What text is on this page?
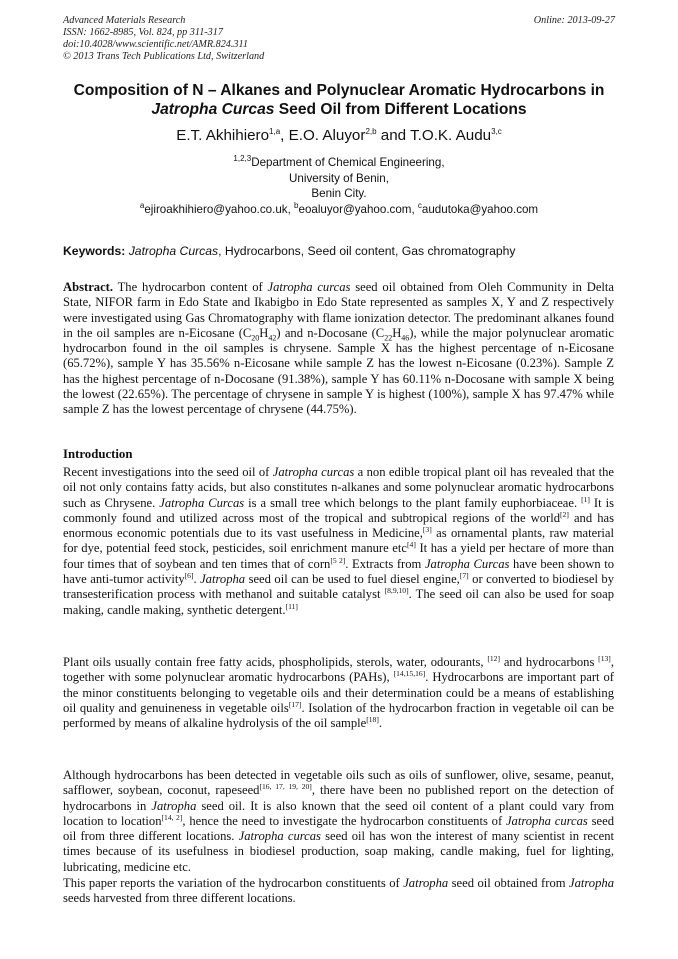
Advanced Materials Research
ISSN: 1662-8985, Vol. 824, pp 311-317
doi:10.4028/www.scientific.net/AMR.824.311
© 2013 Trans Tech Publications Ltd, Switzerland
Online: 2013-09-27
Composition of N – Alkanes and Polynuclear Aromatic Hydrocarbons in
Jatropha Curcas Seed Oil from Different Locations
E.T. Akhihiero$^{1,a}$, E.O. Aluyor$^{2,b}$ and T.O.K. Audu$^{3,c}$
$^{1,2,3}$Department of Chemical Engineering,
University of Benin,
Benin City.
$^a$ejiroakhihiero@yahoo.co.uk, $^b$eoaluyor@yahoo.com, $^c$audutoka@yahoo.com
Keywords: Jatropha Curcas, Hydrocarbons, Seed oil content, Gas chromatography

Abstract. The hydrocarbon content of Jatropha curcas seed oil obtained from Oleh Community in Delta State, NIFOR farm in Edo State and Ikabigbo in Edo State represented as samples X, Y and Z respectively were investigated using Gas Chromatography with flame ionization detector. The predominant alkanes found in the oil samples are n-Eicosane $(C_{20}H_{42})$ and n-Docosane $(C_{22}H_{46})$, while the major polynuclear aromatic hydrocarbon found in the oil samples is chrysene. Sample X has the highest percentage of n-Eicosane (65.72%), sample Y has 35.56% n-Eicosane while sample Z has the lowest n-Eicosane (0.23%). Sample Z has the highest percentage of n-Docosane (91.38%), sample Y has 60.11% n-Docosane with sample X being the lowest (22.65%). The percentage of chrysene in sample Y is highest (100%), sample X has 97.47% while sample Z has the lowest percentage of chrysene (44.75%).

Introduction

Recent investigations into the seed oil of Jatropha curcas a non edible tropical plant oil has revealed that the oil not only contains fatty acids, but also constitutes n-alkanes and some polynuclear aromatic hydrocarbons such as Chrysene. Jatropha Curcas is a small tree which belongs to the plant family euphorbiaceae. [1] It is commonly found and utilized across most of the tropical and subtropical regions of the world[2] and has enormous economic potentials due to its vast usefulness in Medicine,[3] as ornamental plants, raw material for dye, potential feed stock, pesticides, soil enrichment manure etc[4] It has a yield per hectare of more than four times that of soybean and ten times that of corn[5 2]. Extracts from Jatropha Curcas have been shown to have anti-tumor activity[6]. Jatropha seed oil can be used to fuel diesel engine,[7] or converted to biodiesel by transesterification process with methanol and suitable catalyst [8,9,10]. The seed oil can also be used for soap making, candle making, synthetic detergent.[11]

Plant oils usually contain free fatty acids, phospholipids, sterols, water, odourants, [12] and hydrocarbons [13], together with some polynuclear aromatic hydrocarbons (PAHs), [14,15,16]. Hydrocarbons are important part of the minor constituents belonging to vegetable oils and their determination could be a means of establishing oil quality and genuineness in vegetable oils[17]. Isolation of the hydrocarbon fraction in vegetable oil can be performed by means of alkaline hydrolysis of the oil sample[18].

Although hydrocarbons has been detected in vegetable oils such as oils of sunflower, olive, sesame, peanut, safflower, soybean, coconut, rapeseed[16, 17, 19, 20], there have been no published report on the detection of hydrocarbons in Jatropha seed oil. It is also known that the seed oil content of a plant could vary from location to location[14, 2], hence the need to investigate the hydrocarbon constituents of Jatropha curcas seed oil from three different locations. Jatropha curcas seed oil has won the interest of many scientist in recent times because of its usefulness in biodiesel production, soap making, candle making, fuel for lighting, lubricating, medicine etc.

This paper reports the variation of the hydrocarbon constituents of Jatropha seed oil obtained from Jatropha seeds harvested from three different locations.
